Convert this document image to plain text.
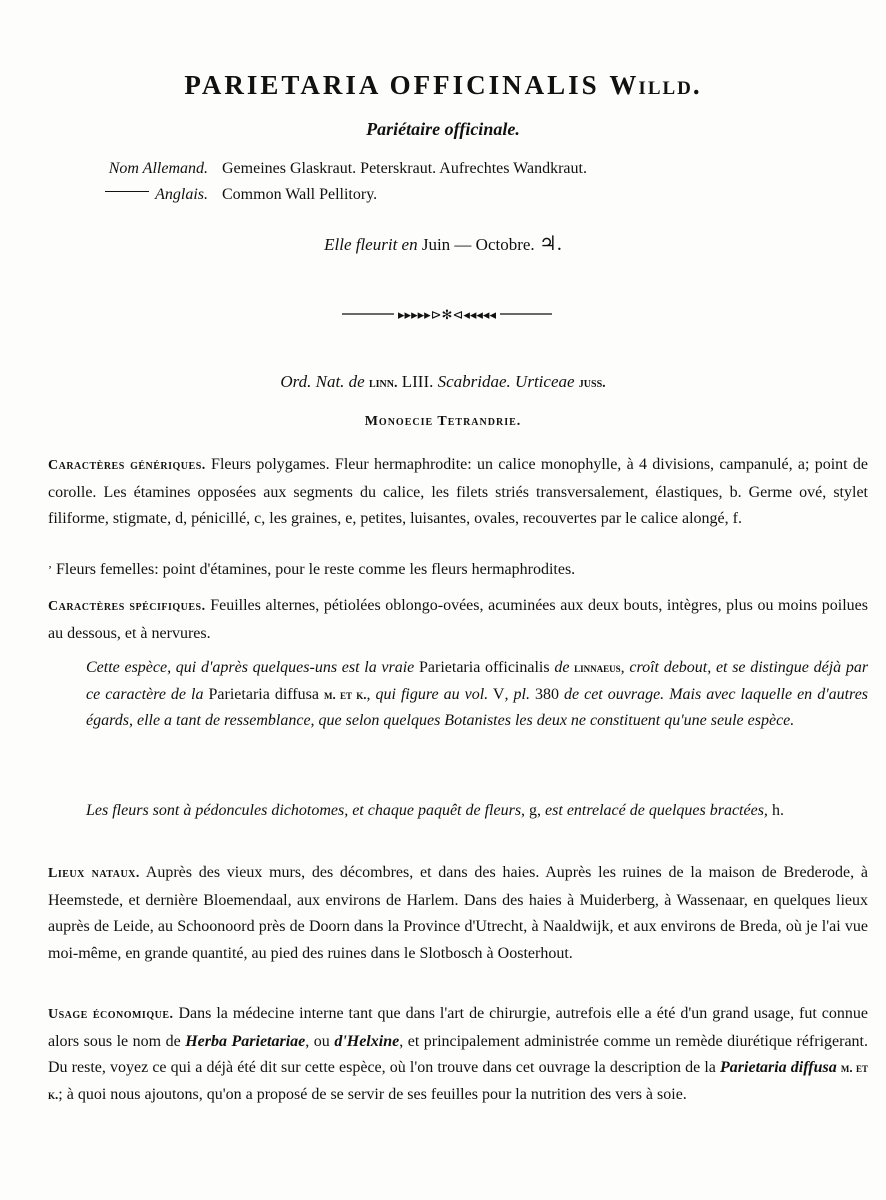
PARIETARIA OFFICINALIS Willd.
Pariétaire officinale.
Nom Allemand. Gemeines Glaskraut. Peterskraut. Aufrechtes Wandkraut.
Anglais. Common Wall Pellitory.
Elle fleurit en Juin — Octobre. ♃.
▸▸▸▸▸⊳✻⊲◂◂◂◂◂
Ord. Nat. de linn. LIII. Scabridae. Urticeae juss.
Monoecie Tetrandrie.
Caractères génériques. Fleurs polygames. Fleur hermaphrodite: un calice monophylle, à 4 divisions, campanulé, a; point de corolle. Les étamines opposées aux segments du calice, les filets striés transversalement, élastiques, b. Germe ové, stylet filiforme, stigmate, d, pénicillé, c, les graines, e, petites, luisantes, ovales, recouvertes par le calice alongé, f.
ʼ Fleurs femelles: point d'étamines, pour le reste comme les fleurs hermaphrodites.
Caractères spécifiques. Feuilles alternes, pétiolées oblongo-ovées, acuminées aux deux bouts, intègres, plus ou moins poilues au dessous, et à nervures.
Cette espèce, qui d'après quelques-uns est la vraie Parietaria officinalis de linnaeus, croît debout, et se distingue déjà par ce caractère de la Parietaria diffusa m. et k., qui figure au vol. V, pl. 380 de cet ouvrage. Mais avec laquelle en d'autres égards, elle a tant de ressemblance, que selon quelques Botanistes les deux ne constituent qu'une seule espèce.
Les fleurs sont à pédoncules dichotomes, et chaque paquêt de fleurs, g, est entrelacé de quelques bractées, h.
Lieux nataux. Auprès des vieux murs, des décombres, et dans des haies. Auprès les ruines de la maison de Brederode, à Heemstede, et dernière Bloemendaal, aux environs de Harlem. Dans des haies à Muiderberg, à Wassenaar, en quelques lieux auprès de Leide, au Schoonoord près de Doorn dans la Province d'Utrecht, à Naaldwijk, et aux environs de Breda, où je l'ai vue moi-même, en grande quantité, au pied des ruines dans le Slotbosch à Oosterhout.
Usage économique. Dans la médecine interne tant que dans l'art de chirurgie, autrefois elle a été d'un grand usage, fut connue alors sous le nom de Herba Parietariae, ou d'Helxine, et principalement administrée comme un remède diurétique réfrigerant. Du reste, voyez ce qui a déjà été dit sur cette espèce, où l'on trouve dans cet ouvrage la description de la Parietaria diffusa m. et k.; à quoi nous ajoutons, qu'on a proposé de se servir de ses feuilles pour la nutrition des vers à soie.
